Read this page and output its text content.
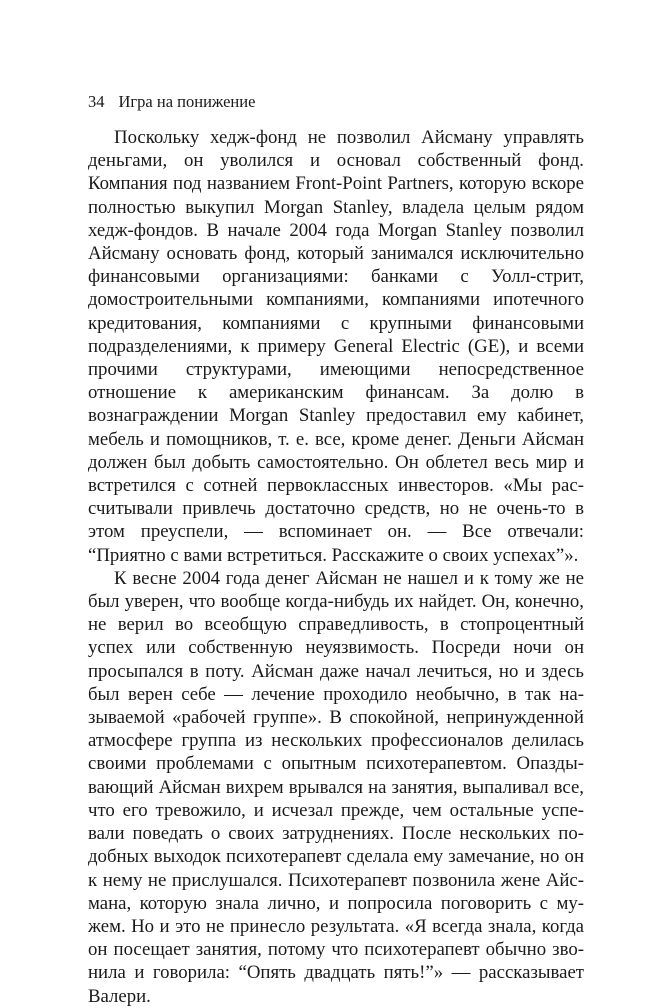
34 Игра на понижение

Поскольку хедж-фонд не позволил Айсману управлять деньгами, он уволился и основал собственный фонд. Компания под названием Front-Point Partners, которую вскоре полностью выкупил Morgan Stanley, владела целым рядом хедж-фондов. В начале 2004 года Morgan Stanley позволил Айсману основать фонд, который занимался исключительно финансовыми организациями: банками с Уолл-стрит, домостроительными компаниями, компаниями ипотечного кредитования, компаниями с крупными финансовыми подразделениями, к примеру General Electric (GE), и всеми прочими структурами, имеющими непосредственное отношение к американским финансам. За долю в вознаграждении Morgan Stanley предоставил ему кабинет, мебель и помощников, т. е. все, кроме денег. Деньги Айсман должен был добыть самостоятельно. Он облетел весь мир и встретился с сотней первоклассных инвесторов. «Мы рассчитывали привлечь достаточно средств, но не очень-то в этом преуспели, — вспоминает он. — Все отвечали: “Приятно с вами встретиться. Расскажите о своих успехах”».

К весне 2004 года денег Айсман не нашел и к тому же не был уверен, что вообще когда-нибудь их найдет. Он, конечно, не верил во всеобщую справедливость, в стопроцентный успех или собственную неуязвимость. Посреди ночи он просыпался в поту. Айсман даже начал лечиться, но и здесь был верен себе — лечение проходило необычно, в так называемой «рабочей группе». В спокойной, непринужденной атмосфере группа из нескольких профессионалов делилась своими проблемами с опытным психотерапевтом. Опаздывающий Айсман вихрем врывался на занятия, выпаливал все, что его тревожило, и исчезал прежде, чем остальные успевали поведать о своих затруднениях. После нескольких подобных выходок психотерапевт сделала ему замечание, но он к нему не прислушался. Психотерапевт позвонила жене Айсмана, которую знала лично, и попросила поговорить с мужем. Но и это не принесло результата. «Я всегда знала, когда он посещает занятия, потому что психотерапевт обычно звонила и говорила: “Опять двадцать пять!”» — рассказывает Валери.
